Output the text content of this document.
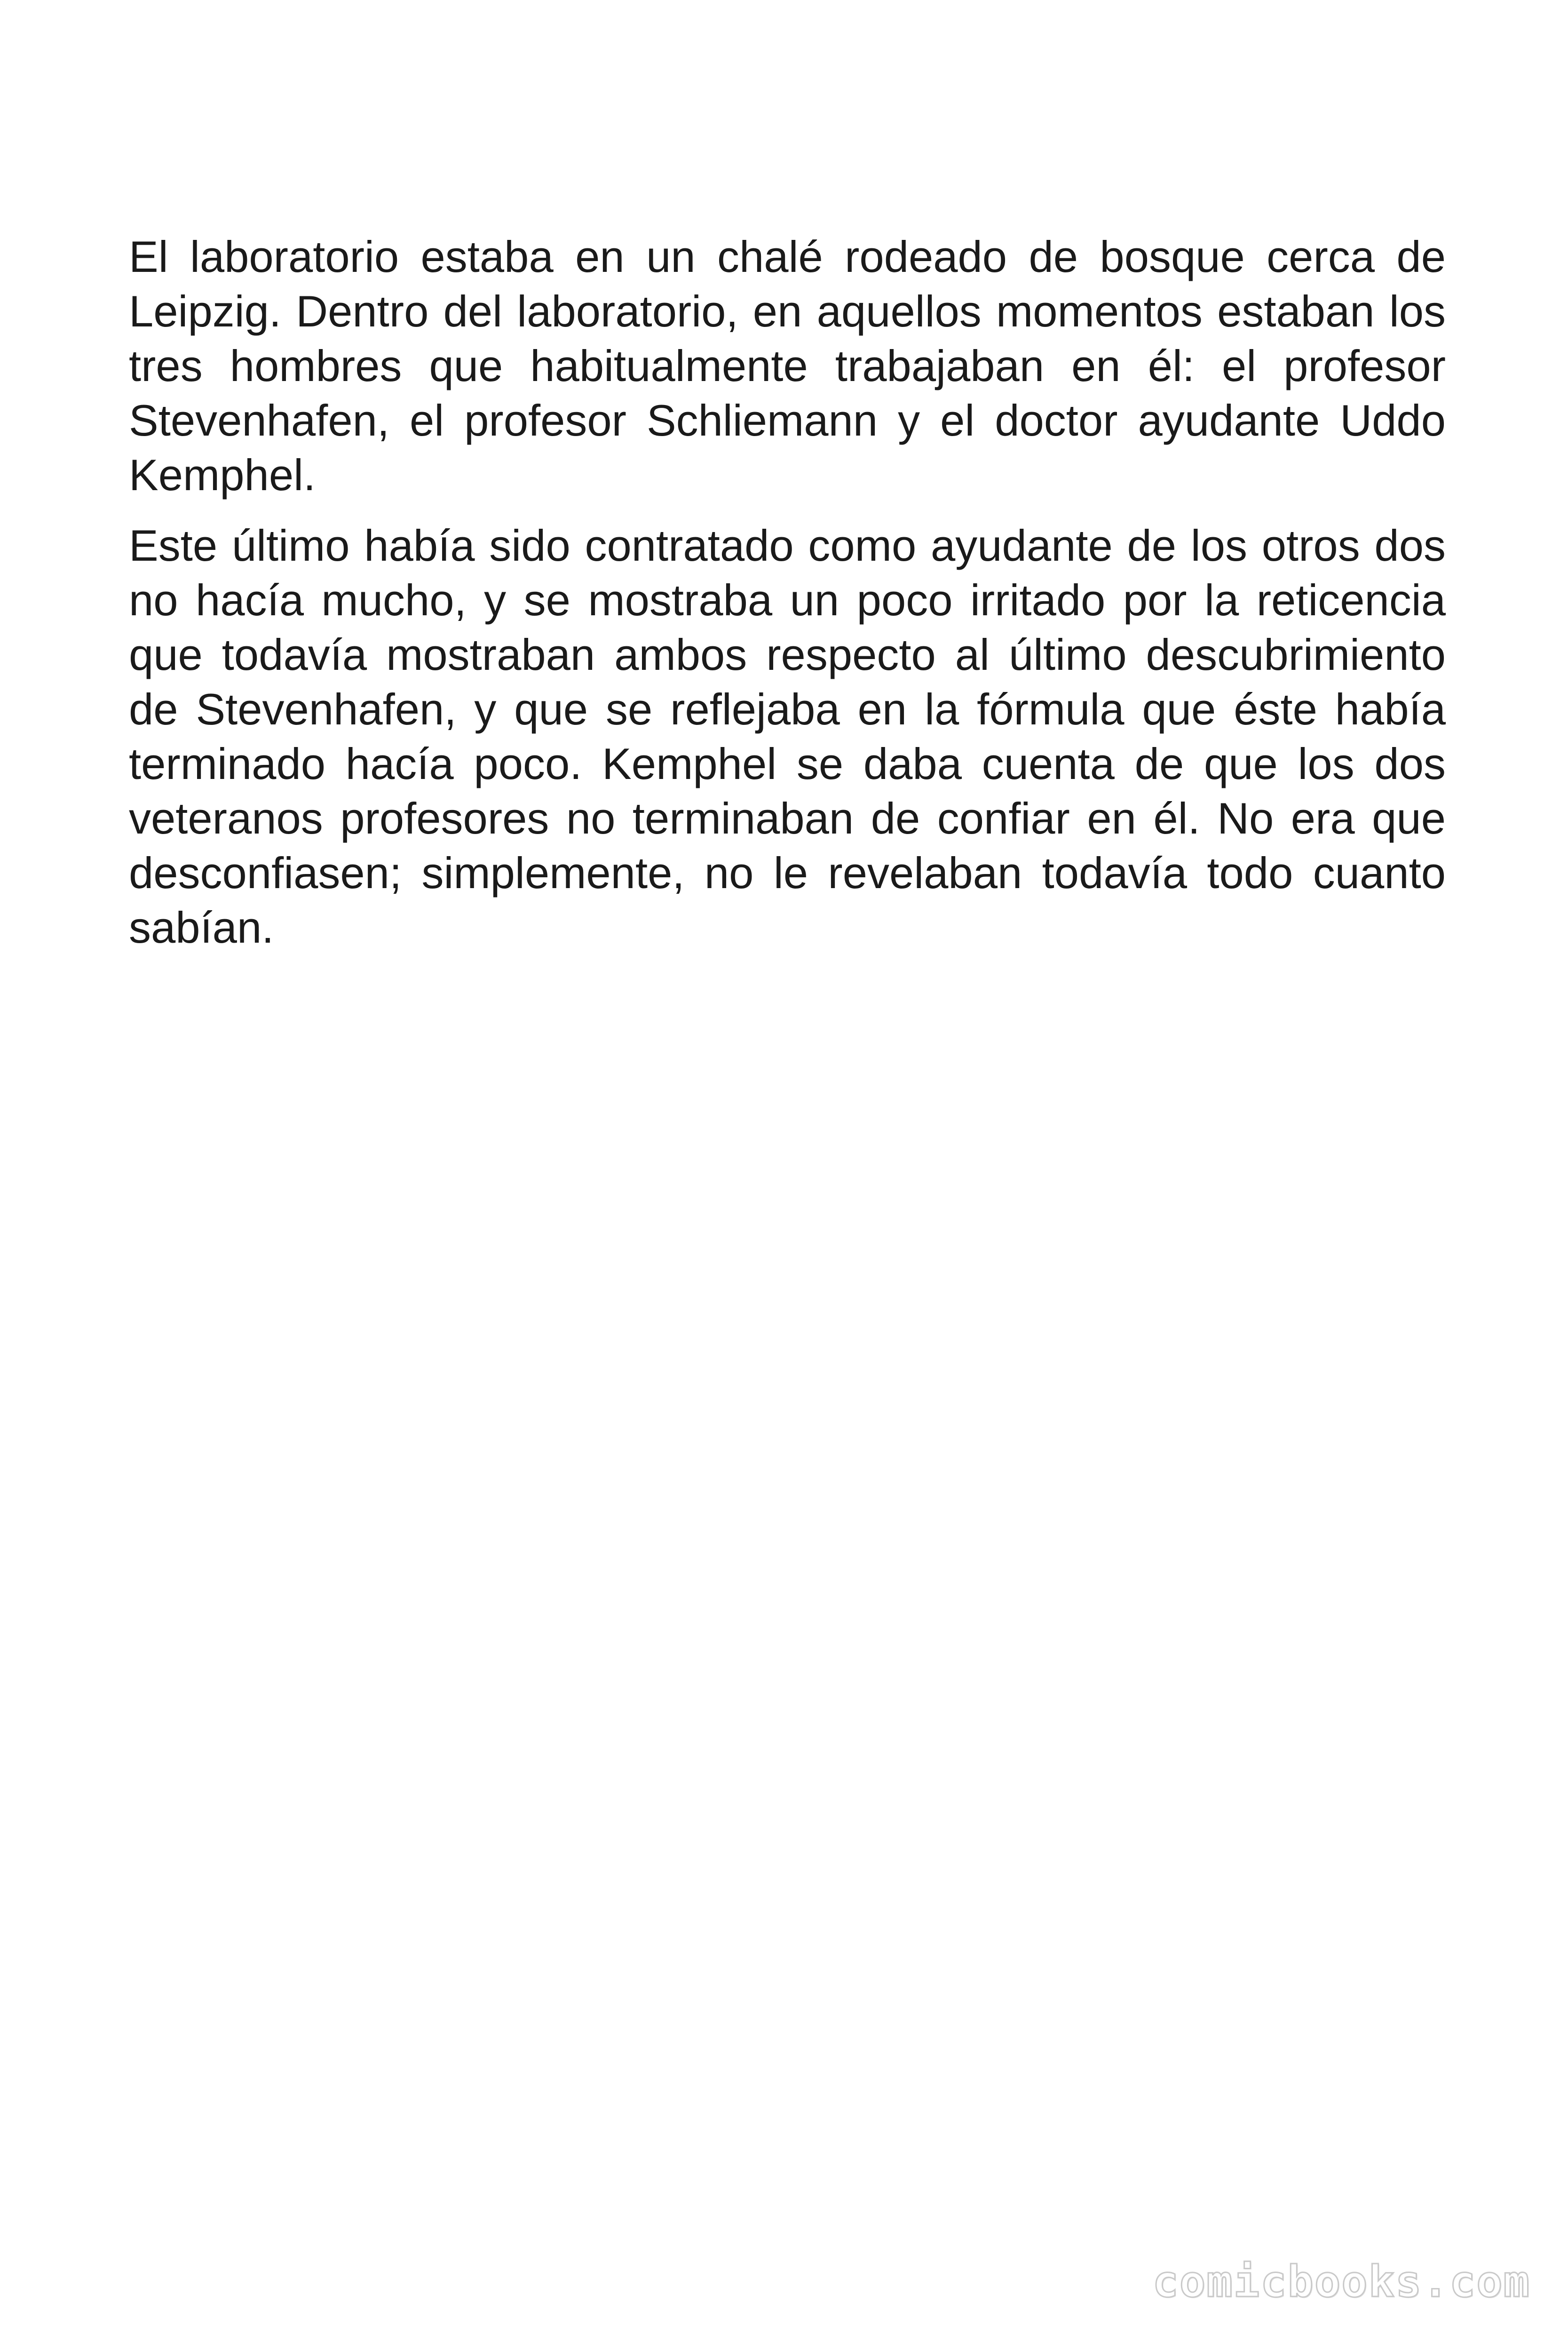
El laboratorio estaba en un chalé rodeado de bosque cerca de Leipzig. Dentro del laboratorio, en aquellos momentos estaban los tres hombres que habitualmente trabajaban en él: el profesor Stevenhafen, el profesor Schliemann y el doctor ayudante Uddo Kemphel.

Este último había sido contratado como ayudante de los otros dos no hacía mucho, y se mostraba un poco irritado por la reticencia que todavía mostraban ambos respecto al último descubrimiento de Stevenhafen, y que se reflejaba en la fórmula que éste había terminado hacía poco. Kemphel se daba cuenta de que los dos veteranos profesores no terminaban de confiar en él. No era que desconfiasen; simplemente, no le revelaban todavía todo cuanto sabían.

comicbooks.com
